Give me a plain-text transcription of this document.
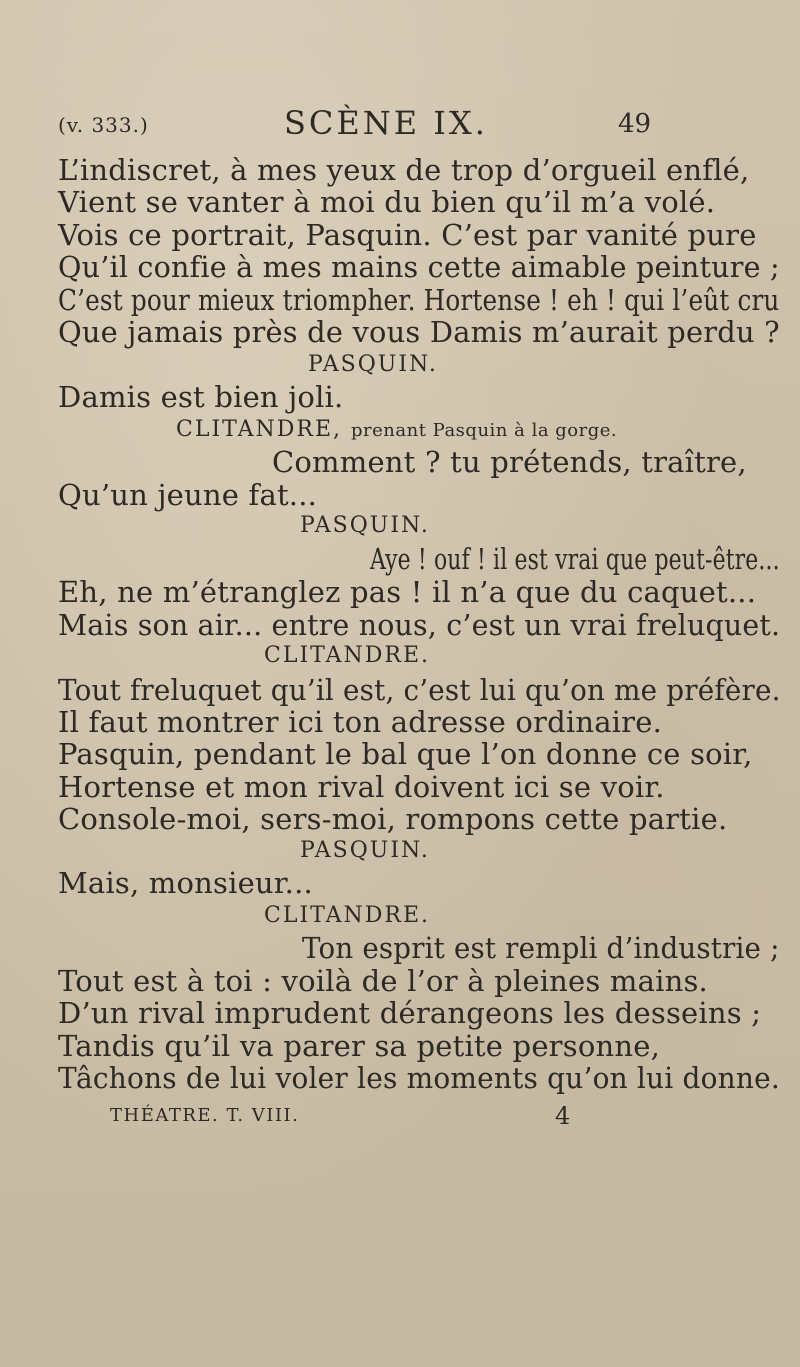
(v. 333.)	SCÈNE IX.	49
L’indiscret, à mes yeux de trop d’orgueil enflé,
Vient se vanter à moi du bien qu’il m’a volé.
Vois ce portrait, Pasquin. C’est par vanité pure
Qu’il confie à mes mains cette aimable peinture ;
C’est pour mieux triompher. Hortense ! eh ! qui l’eût cru
Que jamais près de vous Damis m’aurait perdu ?
PASQUIN.
Damis est bien joli.
CLITANDRE, prenant Pasquin à la gorge.
Comment ? tu prétends, traître,
Qu’un jeune fat...
PASQUIN.
Aye ! ouf ! il est vrai que peut-être...
Eh, ne m’étranglez pas ! il n’a que du caquet...
Mais son air... entre nous, c’est un vrai freluquet.
CLITANDRE.
Tout freluquet qu’il est, c’est lui qu’on me préfère.
Il faut montrer ici ton adresse ordinaire.
Pasquin, pendant le bal que l’on donne ce soir,
Hortense et mon rival doivent ici se voir.
Console-moi, sers-moi, rompons cette partie.
PASQUIN.
Mais, monsieur...
CLITANDRE.
Ton esprit est rempli d’industrie ;
Tout est à toi : voilà de l’or à pleines mains.
D’un rival imprudent dérangeons les desseins ;
Tandis qu’il va parer sa petite personne,
Tâchons de lui voler les moments qu’on lui donne.
THÉATRE. T. VIII.	4
